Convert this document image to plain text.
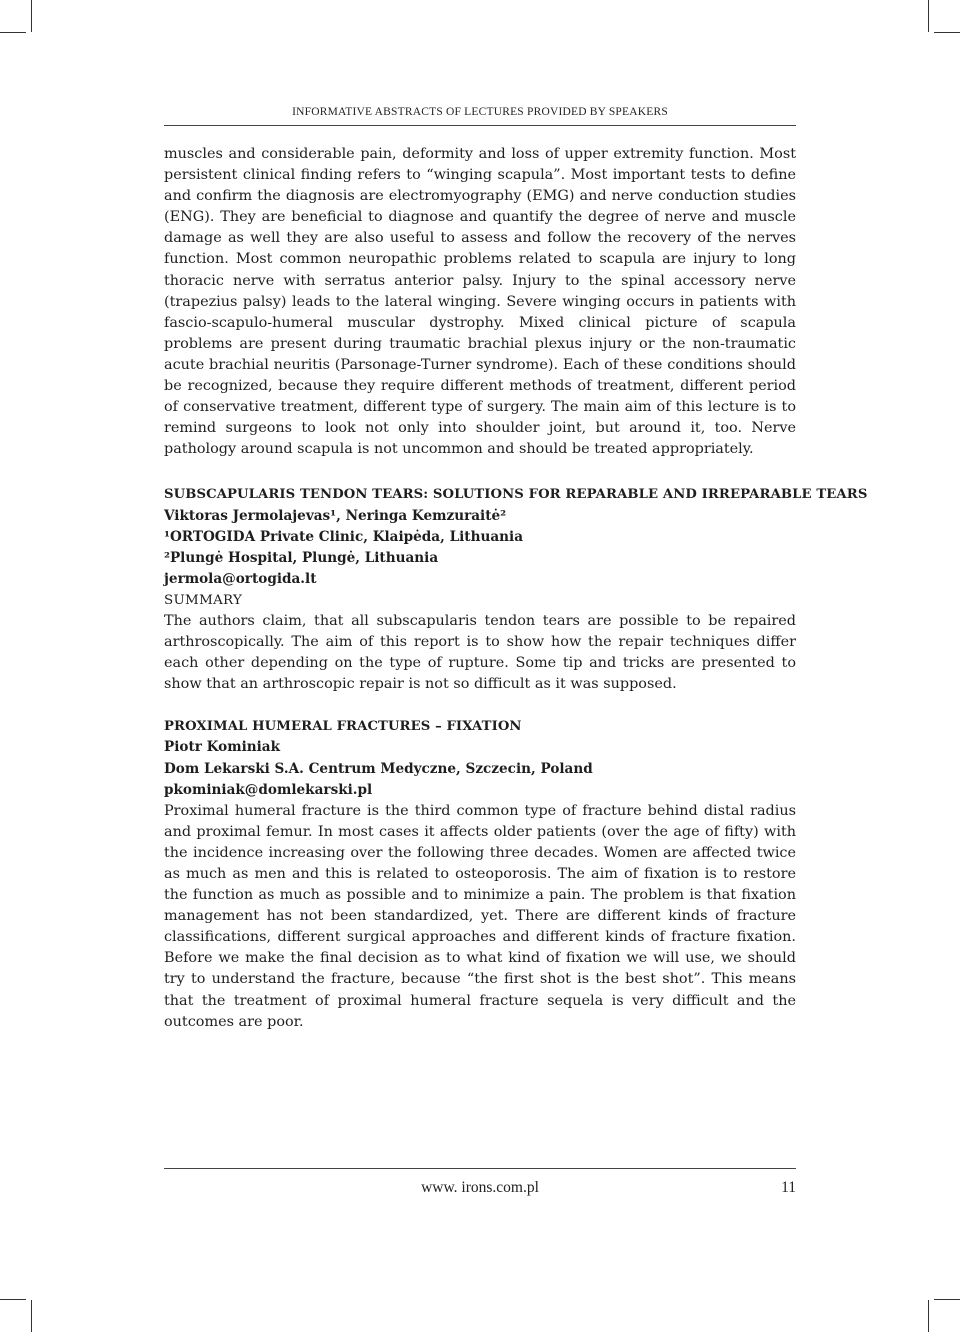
INFORMATIVE ABSTRACTS OF LECTURES PROVIDED BY SPEAKERS

muscles and considerable pain, deformity and loss of upper extremity function. Most persistent clinical finding refers to “winging scapula”. Most important tests to define and confirm the diagnosis are electromyography (EMG) and nerve conduction studies (ENG). They are beneficial to diagnose and quantify the degree of nerve and muscle damage as well they are also useful to assess and follow the recovery of the nerves function. Most common neuropathic problems related to scapula are injury to long thoracic nerve with serratus anterior palsy. Injury to the spinal accessory nerve (trapezius palsy) leads to the lateral winging. Severe winging occurs in patients with fascio-scapulo-humeral muscular dystrophy. Mixed clinical picture of scapula problems are present during traumatic brachial plexus injury or the non-traumatic acute brachial neuritis (Parsonage-Turner syndrome). Each of these conditions should be recognized, because they require different methods of treatment, different period of conservative treatment, different type of surgery. The main aim of this lecture is to remind surgeons to look not only into shoulder joint, but around it, too. Nerve pathology around scapula is not uncommon and should be treated appropriately.

SUBSCAPULARIS TENDON TEARS: SOLUTIONS FOR REPARABLE AND IRREPARABLE TEARS

Viktoras Jermolajevas¹, Neringa Kemzuraitė²

¹ORTOGIDA Private Clinic, Klaipėda, Lithuania

²Plungė Hospital, Plungė, Lithuania

jermola@ortogida.lt

SUMMARY

The authors claim, that all subscapularis tendon tears are possible to be repaired arthroscopically. The aim of this report is to show how the repair techniques differ each other depending on the type of rupture. Some tip and tricks are presented to show that an arthroscopic repair is not so difficult as it was supposed.

PROXIMAL HUMERAL FRACTURES – FIXATION

Piotr Kominiak

Dom Lekarski S.A. Centrum Medyczne, Szczecin, Poland

pkominiak@domlekarski.pl

Proximal humeral fracture is the third common type of fracture behind distal radius and proximal femur. In most cases it affects older patients (over the age of fifty) with the incidence increasing over the following three decades. Women are affected twice as much as men and this is related to osteoporosis. The aim of fixation is to restore the function as much as possible and to minimize a pain. The problem is that fixation management has not been standardized, yet. There are different kinds of fracture classifications, different surgical approaches and different kinds of fracture fixation. Before we make the final decision as to what kind of fixation we will use, we should try to understand the fracture, because “the first shot is the best shot”. This means that the treatment of proximal humeral fracture sequela is very difficult and the outcomes are poor.

www. irons.com.pl	11
